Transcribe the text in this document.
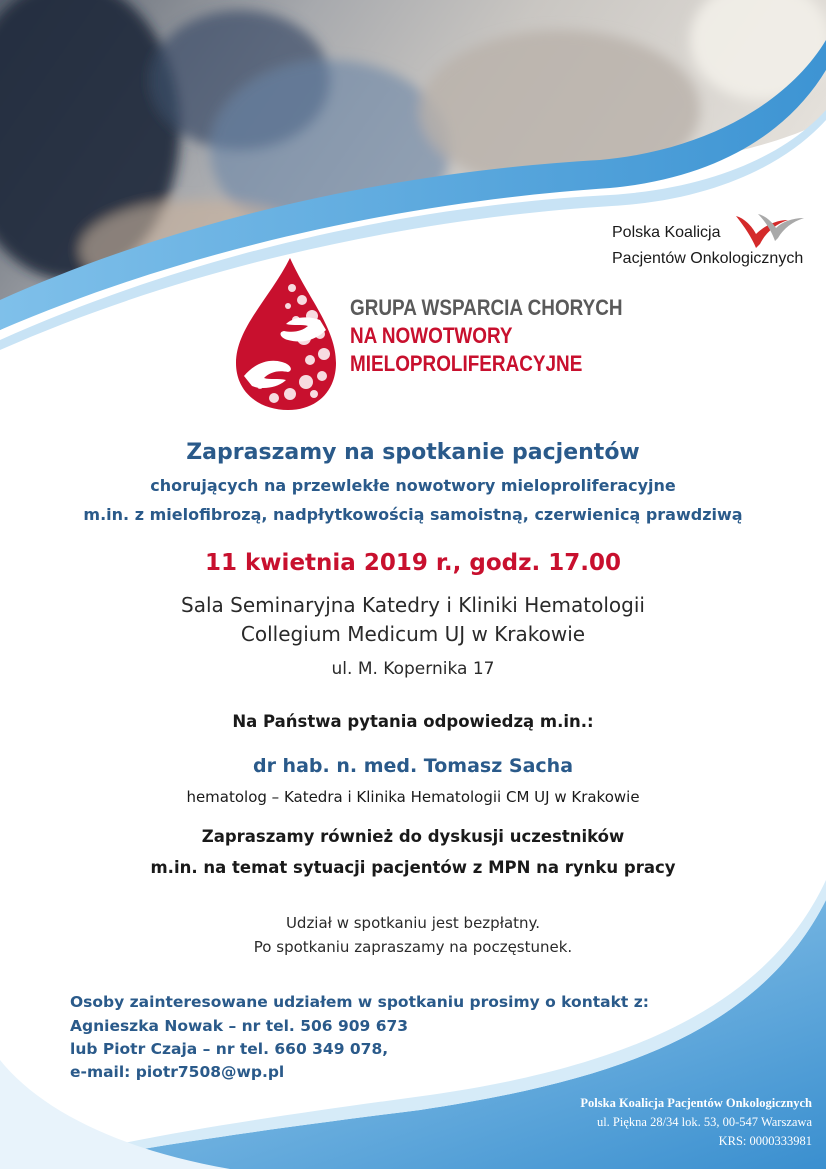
Polska Koalicja
Pacjentów Onkologicznych
GRUPA WSPARCIA CHORYCH
NA NOWOTWORY
MIELOPROLIFERACYJNE
Zapraszamy na spotkanie pacjentów
chorujących na przewlekłe nowotwory mieloproliferacyjne
m.in. z mielofibrozą, nadpłytkowością samoistną, czerwienicą prawdziwą
11 kwietnia 2019 r., godz. 17.00
Sala Seminaryjna Katedry i Kliniki Hematologii
Collegium Medicum UJ w Krakowie
ul. M. Kopernika 17
Na Państwa pytania odpowiedzą m.in.:
dr hab. n. med. Tomasz Sacha
hematolog – Katedra i Klinika Hematologii CM UJ w Krakowie
Zapraszamy również do dyskusji uczestników
m.in. na temat sytuacji pacjentów z MPN na rynku pracy
Udział w spotkaniu jest bezpłatny.
Po spotkaniu zapraszamy na poczęstunek.
Osoby zainteresowane udziałem w spotkaniu prosimy o kontakt z:
Agnieszka Nowak – nr tel. 506 909 673
lub Piotr Czaja – nr tel. 660 349 078,
e-mail: piotr7508@wp.pl
Polska Koalicja Pacjentów Onkologicznych
ul. Piękna 28/34 lok. 53, 00-547 Warszawa
KRS: 0000333981
